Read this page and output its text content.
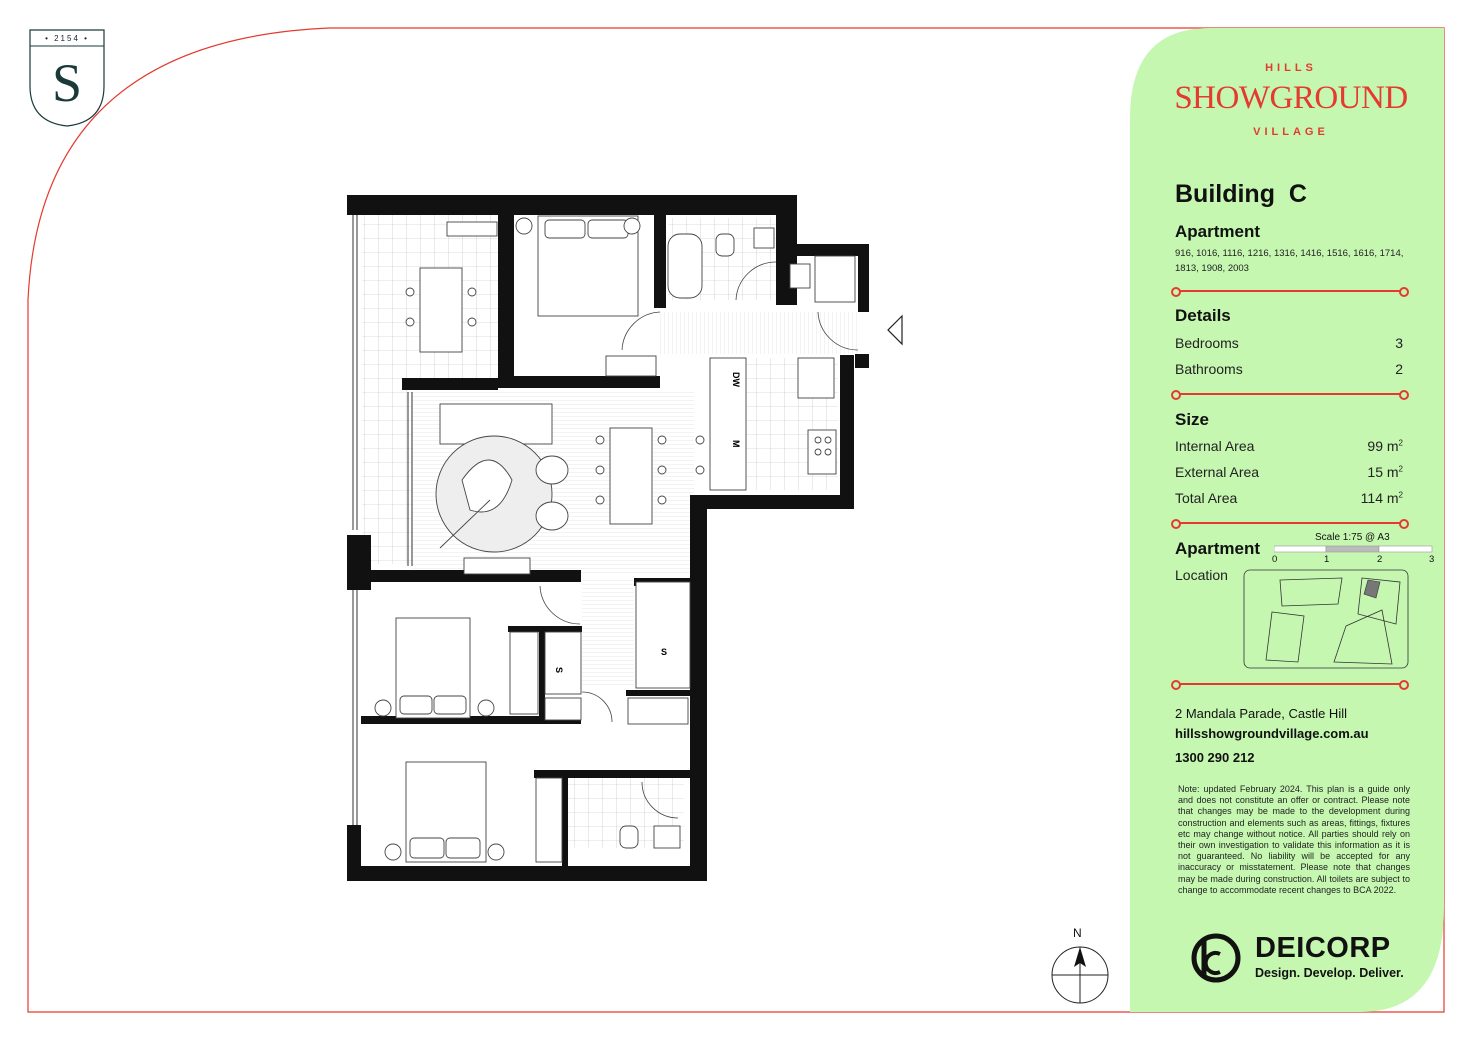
• 2154 •
S
DW
M
S
S
N
HILLS
SHOWGROUND
VILLAGE
Building C
Apartment
916, 1016, 1116, 1216, 1316, 1416, 1516, 1616, 1714,
1813, 1908, 2003
Details
Bedrooms	3
Bathrooms	2
Size
Internal Area	99 $m^2$
External Area	15 $m^2$
Total Area	114 $m^2$
Apartment
Location
Scale 1:75 @ A3
0	1	2	3
2 Mandala Parade, Castle Hill
hillsshowgroundvillage.com.au
1300 290 212
Note: updated February 2024. This plan is a guide only and does not constitute an offer or contract. Please note that changes may be made to the development during construction and elements such as areas, fittings, fixtures etc may change without notice. All parties should rely on their own investigation to validate this information as it is not guaranteed. No liability will be accepted for any inaccuracy or misstatement. Please note that changes may be made during construction. All toilets are subject to change to accommodate recent changes to BCA 2022.
DEICORP
Design. Develop. Deliver.
